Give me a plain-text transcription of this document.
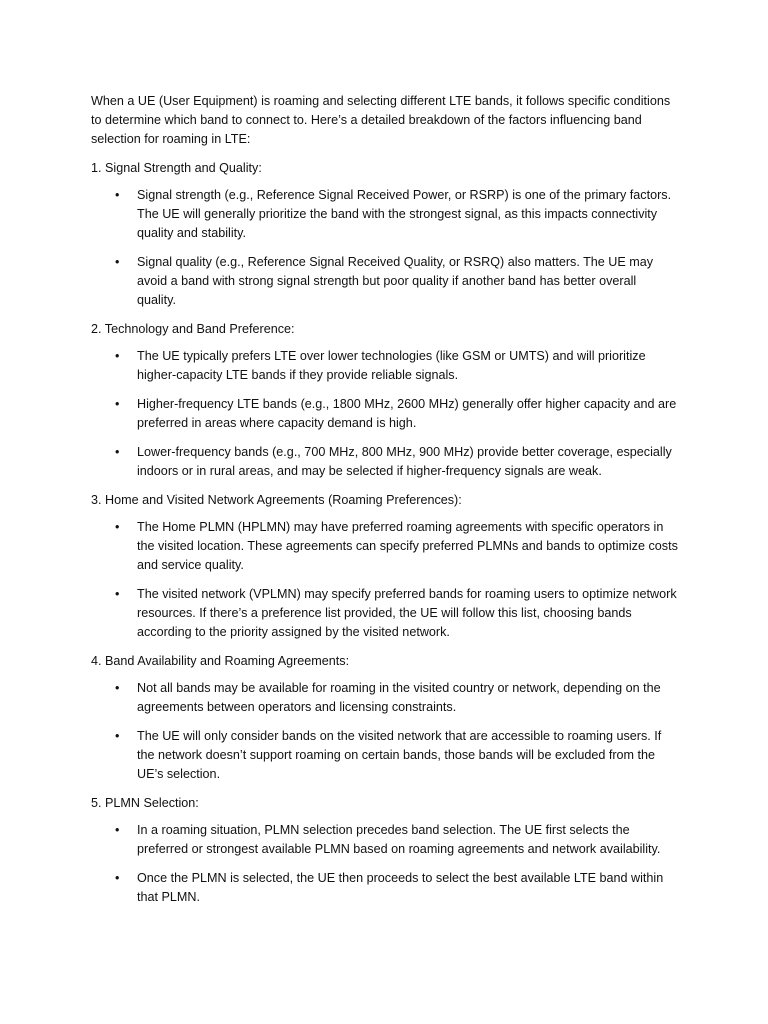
When a UE (User Equipment) is roaming and selecting different LTE bands, it follows specific conditions to determine which band to connect to. Here’s a detailed breakdown of the factors influencing band selection for roaming in LTE:

1. Signal Strength and Quality:

• Signal strength (e.g., Reference Signal Received Power, or RSRP) is one of the primary factors. The UE will generally prioritize the band with the strongest signal, as this impacts connectivity quality and stability.
• Signal quality (e.g., Reference Signal Received Quality, or RSRQ) also matters. The UE may avoid a band with strong signal strength but poor quality if another band has better overall quality.

2. Technology and Band Preference:

• The UE typically prefers LTE over lower technologies (like GSM or UMTS) and will prioritize higher-capacity LTE bands if they provide reliable signals.
• Higher-frequency LTE bands (e.g., 1800 MHz, 2600 MHz) generally offer higher capacity and are preferred in areas where capacity demand is high.
• Lower-frequency bands (e.g., 700 MHz, 800 MHz, 900 MHz) provide better coverage, especially indoors or in rural areas, and may be selected if higher-frequency signals are weak.

3. Home and Visited Network Agreements (Roaming Preferences):

• The Home PLMN (HPLMN) may have preferred roaming agreements with specific operators in the visited location. These agreements can specify preferred PLMNs and bands to optimize costs and service quality.
• The visited network (VPLMN) may specify preferred bands for roaming users to optimize network resources. If there’s a preference list provided, the UE will follow this list, choosing bands according to the priority assigned by the visited network.

4. Band Availability and Roaming Agreements:

• Not all bands may be available for roaming in the visited country or network, depending on the agreements between operators and licensing constraints.
• The UE will only consider bands on the visited network that are accessible to roaming users. If the network doesn’t support roaming on certain bands, those bands will be excluded from the UE’s selection.

5. PLMN Selection:

• In a roaming situation, PLMN selection precedes band selection. The UE first selects the preferred or strongest available PLMN based on roaming agreements and network availability.
• Once the PLMN is selected, the UE then proceeds to select the best available LTE band within that PLMN.
